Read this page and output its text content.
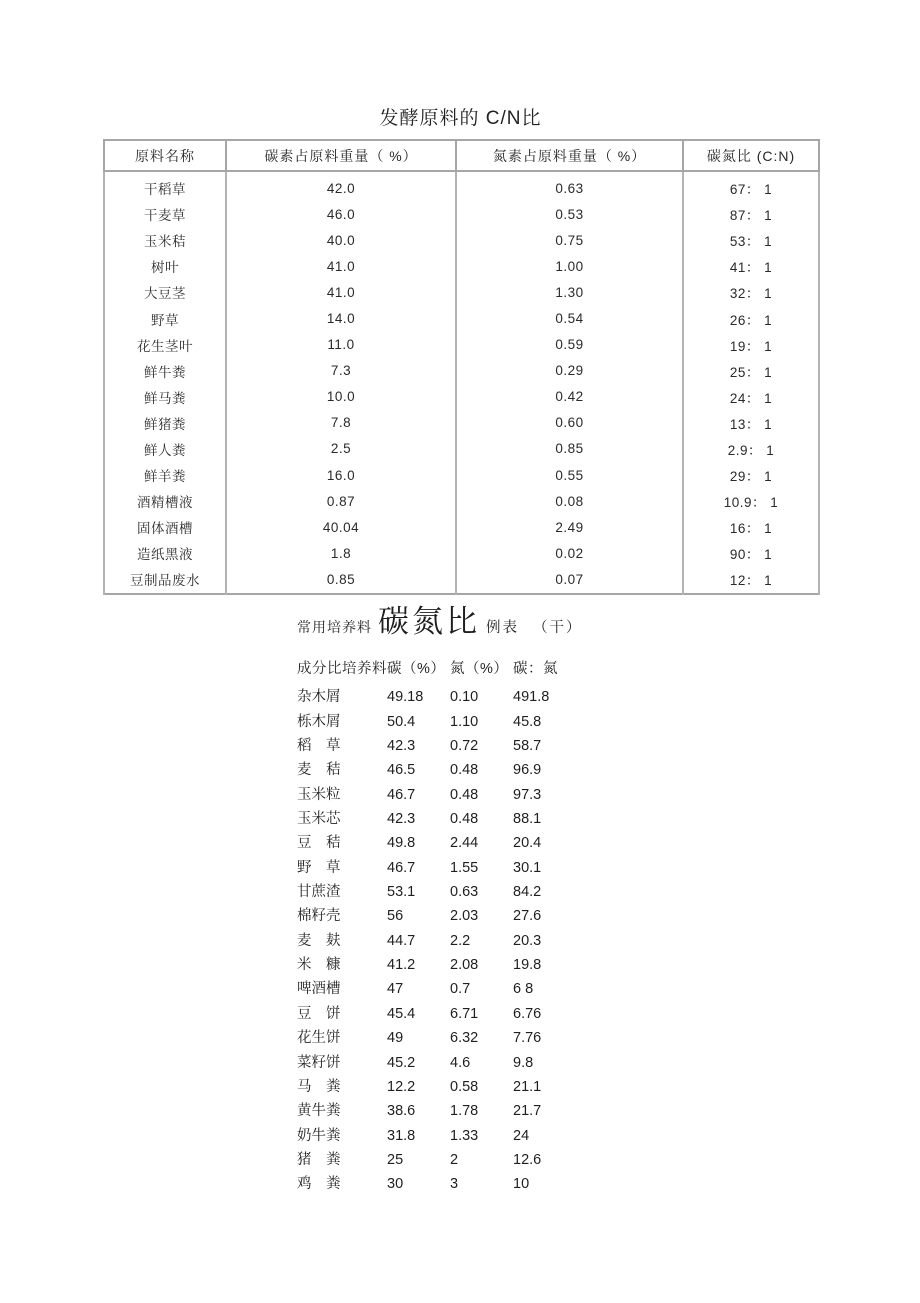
发酵原料的 C/N比
原料名称	碳素占原料重量（ %）	氮素占原料重量（ %）	碳氮比 (C:N)
干稻草	42.0	0.63	67： 1
干麦草	46.0	0.53	87： 1
玉米秸	40.0	0.75	53： 1
树叶	41.0	1.00	41： 1
大豆茎	41.0	1.30	32： 1
野草	14.0	0.54	26： 1
花生茎叶	11.0	0.59	19： 1
鲜牛粪	7.3	0.29	25： 1
鲜马粪	10.0	0.42	24： 1
鲜猪粪	7.8	0.60	13： 1
鲜人粪	2.5	0.85	2.9： 1
鲜羊粪	16.0	0.55	29： 1
酒精槽液	0.87	0.08	10.9： 1
固体酒槽	40.04	2.49	16： 1
造纸黑液	1.8	0.02	90： 1
豆制品废水	0.85	0.07	12： 1
常用培养料 碳氮比 例表 （干）
成分比培养料 碳（%） 氮（%） 碳：氮
杂木屑	49.18	0.10	491.8
栎木屑	50.4	1.10	45.8
稻　草	42.3	0.72	58.7
麦　秸	46.5	0.48	96.9
玉米粒	46.7	0.48	97.3
玉米芯	42.3	0.48	88.1
豆　秸	49.8	2.44	20.4
野　草	46.7	1.55	30.1
甘蔗渣	53.1	0.63	84.2
棉籽壳	56	2.03	27.6
麦　麸	44.7	2.2	20.3
米　糠	41.2	2.08	19.8
啤酒槽	47	0.7	6 8
豆　饼	45.4	6.71	6.76
花生饼	49	6.32	7.76
菜籽饼	45.2	4.6	9.8
马　粪	12.2	0.58	21.1
黄牛粪	38.6	1.78	21.7
奶牛粪	31.8	1.33	24
猪　粪	25	2	12.6
鸡　粪	30	3	10
